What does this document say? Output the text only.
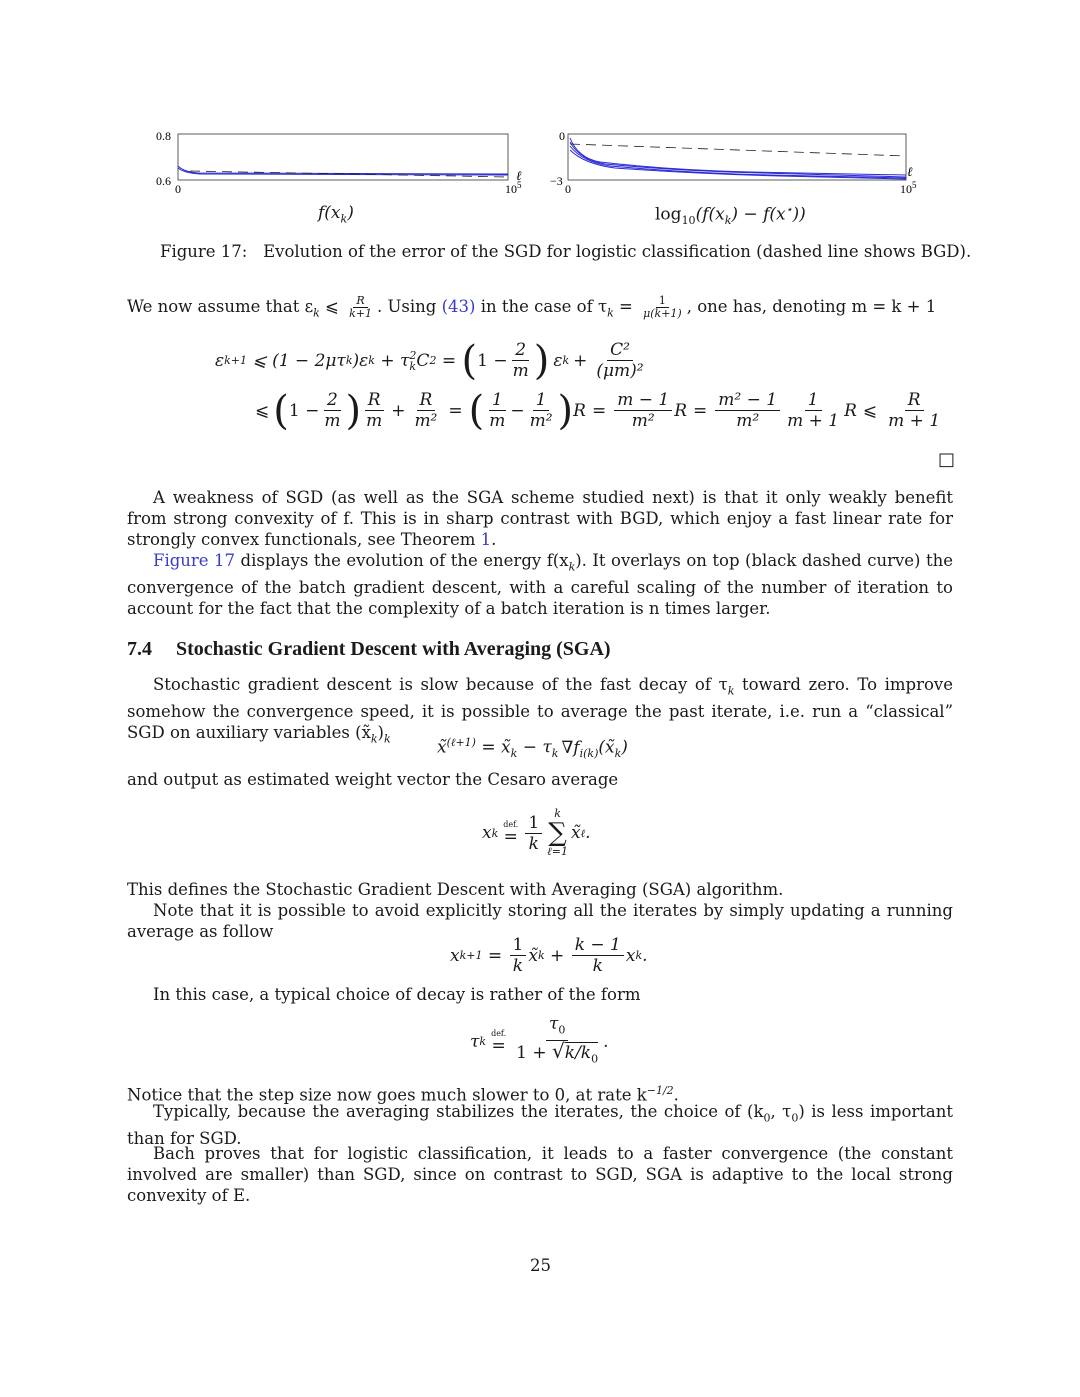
0.8
0.6
0	$10^5$
ℓ
0
−3
0	$10^5$
ℓ
$f(x_k)$	$\log_{10}(f(x_k) - f(x^⋆))$
Figure 17:   Evolution of the error of the SGD for logistic classification (dashed line shows BGD).
We now assume that $\varepsilon_k$ ⩽ $\frac{R}{k+1}$ . Using (43) in the case of $\tau_k = \frac{1}{\mu(k+1)}$ , one has, denoting m = k + 1
ε k+1 ⩽ (1 − 2μτ k )ε k + τ 2
k C 2 = ( $1 - \frac{2}{m}$ ) ε $k + \frac{\text{C²}}{\text{(μm)²}}$
⩽ ( $1 - \frac{2}{m}$ ) $\frac{R}{m} + \frac{R}{\text{m²}}$ = ( $\frac{1}{m} - \frac{1}{\text{m²}}$ ) $R = \frac{m - 1}{\text{m²}}$ $R = \frac{\text{m² − 1}}{\text{m²}} \frac{1}{m + 1}$ R ⩽ $\frac{R}{m + 1}$
□
A weakness of SGD (as well as the SGA scheme studied next) is that it only weakly benefit from strong convexity of f. This is in sharp contrast with BGD, which enjoy a fast linear rate for strongly convex functionals, see Theorem 1.
Figure 17 displays the evolution of the energy $f(x_k)$. It overlays on top (black dashed curve) the convergence of the batch gradient descent, with a careful scaling of the number of iteration to account for the fact that the complexity of a batch iteration is n times larger.
7.4 Stochastic Gradient Descent with Averaging (SGA)
Stochastic gradient descent is slow because of the fast decay of $\tau_k$ toward zero. To improve somehow the convergence speed, it is possible to average the past iterate, i.e. run a “classical” SGD on auxiliary variables $(x̃_k)_k$	x̃$^{(\ell+1)}$ = $x̃_k - \tau_k$ $\nabla f_{i(k)}(x̃_k)$
and output as estimated weight vector the Cesaro average
x k
def.
= $\frac{1}{k}$ k
∑
ℓ=1
x̃ ℓ .
This defines the Stochastic Gradient Descent with Averaging (SGA) algorithm.
Note that it is possible to avoid explicitly storing all the iterates by simply updating a running average as follow
x $k+1 = \frac{1}{k}$ x̃ $k + \frac{k - 1}{k}$ x k .
In this case, a typical choice of decay is rather of the form
τ k
def.
= $\frac{\tau_0}{1 + √k/k_0}$ .
Notice that the step size now goes much slower to 0, at rate $k^{-1/2}$.
Typically, because the averaging stabilizes the iterates, the choice of ($k_0$, $\tau_0$) is less important than for SGD.
Bach proves that for logistic classification, it leads to a faster convergence (the constant involved are smaller) than SGD, since on contrast to SGD, SGA is adaptive to the local strong convexity of E.
25
